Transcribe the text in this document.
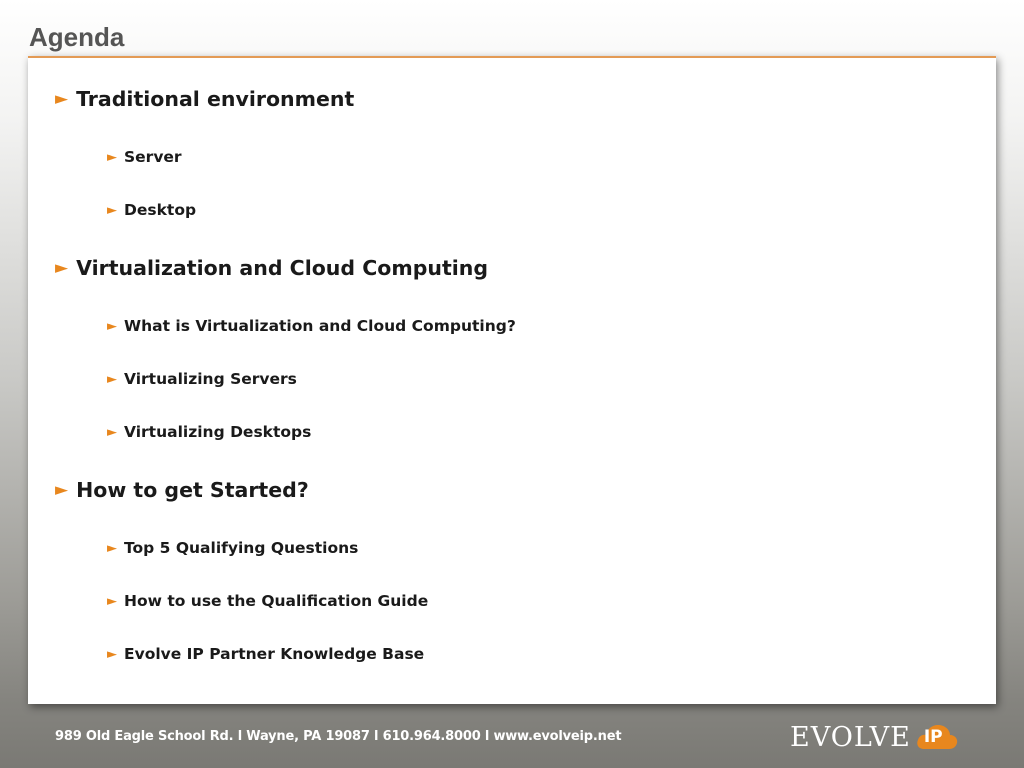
Agenda
► Traditional environment
► Server
► Desktop
► Virtualization and Cloud Computing
► What is Virtualization and Cloud Computing?
► Virtualizing Servers
► Virtualizing Desktops
► How to get Started?
► Top 5 Qualifying Questions
► How to use the Qualification Guide
► Evolve IP Partner Knowledge Base
989 Old Eagle School Rd. l Wayne, PA 19087 l 610.964.8000 l www.evolveip.net	EVOLVE IP
